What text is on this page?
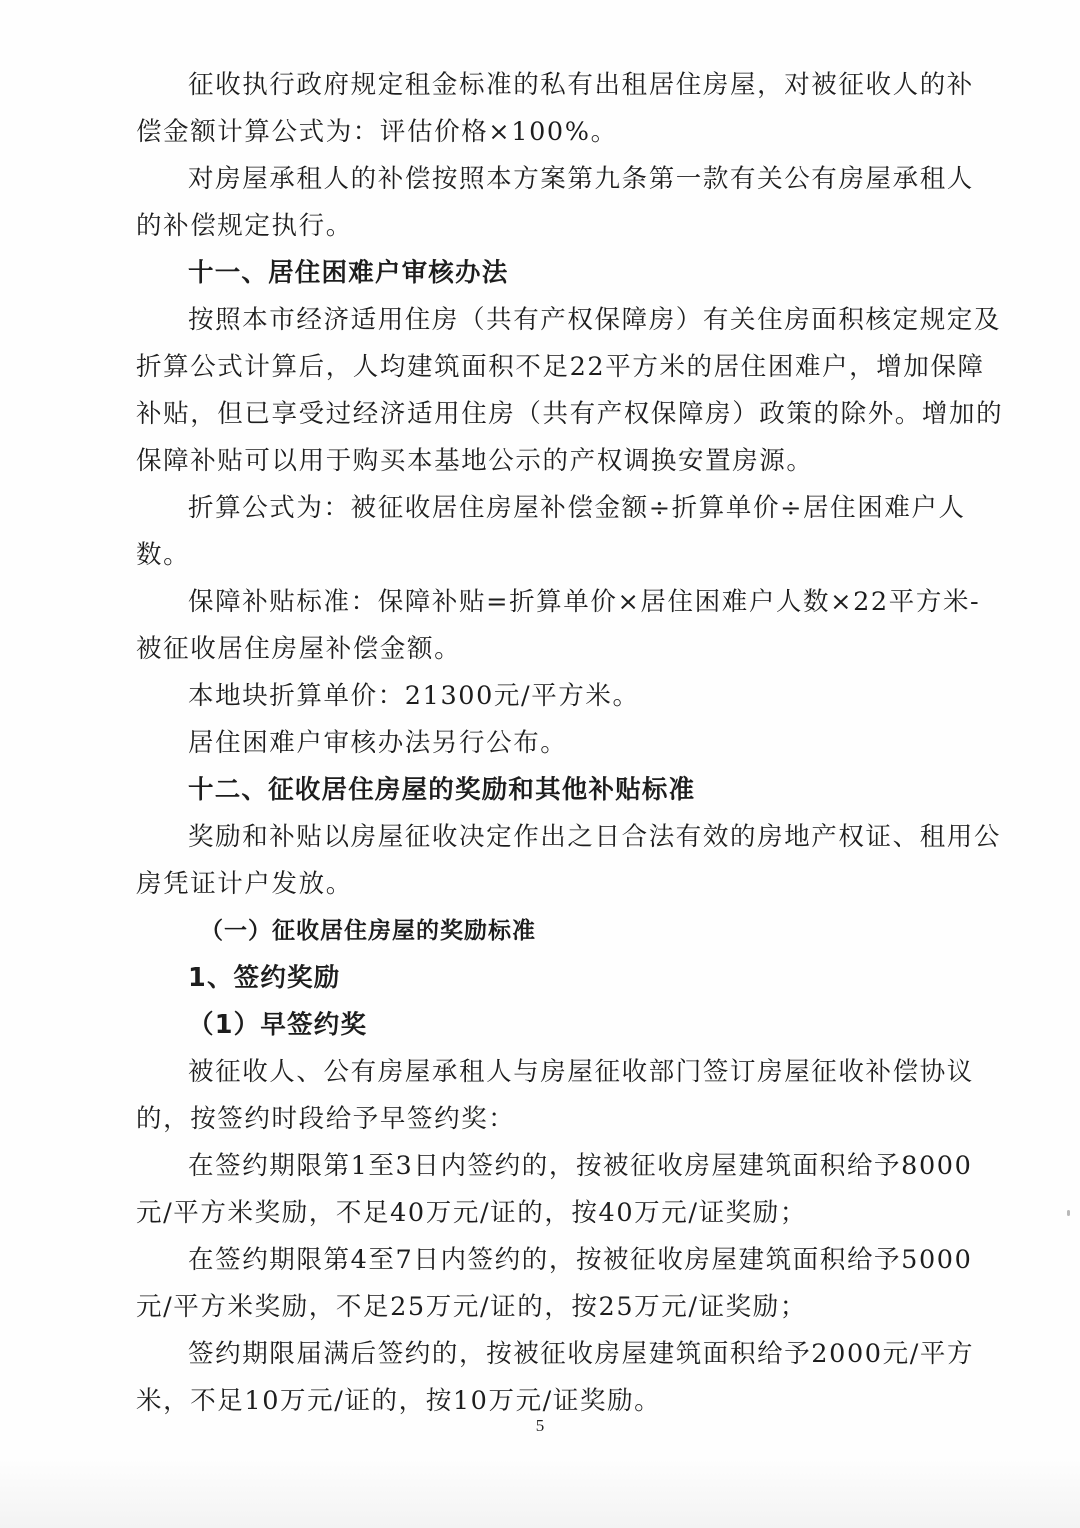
征收执行政府规定租金标准的私有出租居住房屋，对被征收人的补
偿金额计算公式为：评估价格×100%。
对房屋承租人的补偿按照本方案第九条第一款有关公有房屋承租人
的补偿规定执行。
十一、居住困难户审核办法
按照本市经济适用住房（共有产权保障房）有关住房面积核定规定及
折算公式计算后，人均建筑面积不足22平方米的居住困难户，增加保障
补贴，但已享受过经济适用住房（共有产权保障房）政策的除外。增加的
保障补贴可以用于购买本基地公示的产权调换安置房源。
折算公式为：被征收居住房屋补偿金额÷折算单价÷居住困难户人
数。
保障补贴标准：保障补贴=折算单价×居住困难户人数×22平方米-
被征收居住房屋补偿金额。
本地块折算单价：21300元/平方米。
居住困难户审核办法另行公布。
十二、征收居住房屋的奖励和其他补贴标准
奖励和补贴以房屋征收决定作出之日合法有效的房地产权证、租用公
房凭证计户发放。
（一）征收居住房屋的奖励标准
1、签约奖励
（1）早签约奖
被征收人、公有房屋承租人与房屋征收部门签订房屋征收补偿协议
的，按签约时段给予早签约奖：
在签约期限第1至3日内签约的，按被征收房屋建筑面积给予8000
元/平方米奖励，不足40万元/证的，按40万元/证奖励；
在签约期限第4至7日内签约的，按被征收房屋建筑面积给予5000
元/平方米奖励，不足25万元/证的，按25万元/证奖励；
签约期限届满后签约的，按被征收房屋建筑面积给予2000元/平方
米，不足10万元/证的，按10万元/证奖励。
5
